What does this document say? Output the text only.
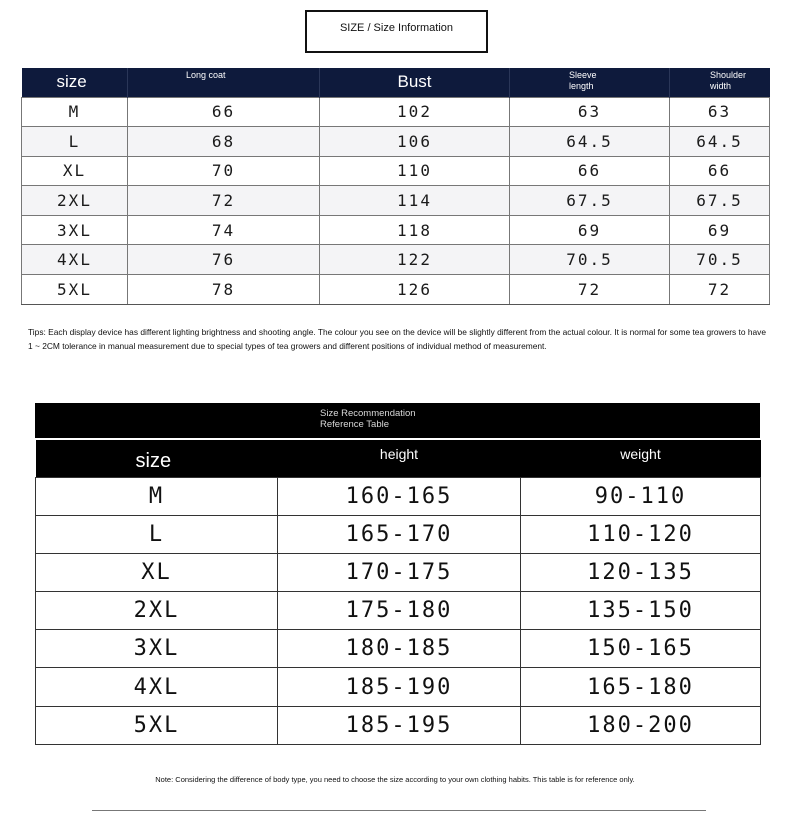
SIZE / Size Information
size	Long coat	Bust	Sleeve length	Shoulder width
M	66	102	63	63
L	68	106	64.5	64.5
XL	70	110	66	66
2XL	72	114	67.5	67.5
3XL	74	118	69	69
4XL	76	122	70.5	70.5
5XL	78	126	72	72

Tips: Each display device has different lighting brightness and shooting angle. The colour you see on the device will be slightly different from the actual colour. It is normal for some tea growers to have 1 ~ 2CM tolerance in manual measurement due to special types of tea growers and different positions of individual method of measurement.

Size Recommendation
Reference Table
size	height	weight
M	160-165	90-110
L	165-170	110-120
XL	170-175	120-135
2XL	175-180	135-150
3XL	180-185	150-165
4XL	185-190	165-180
5XL	185-195	180-200

Note: Considering the difference of body type, you need to choose the size according to your own clothing habits. This table is for reference only.
